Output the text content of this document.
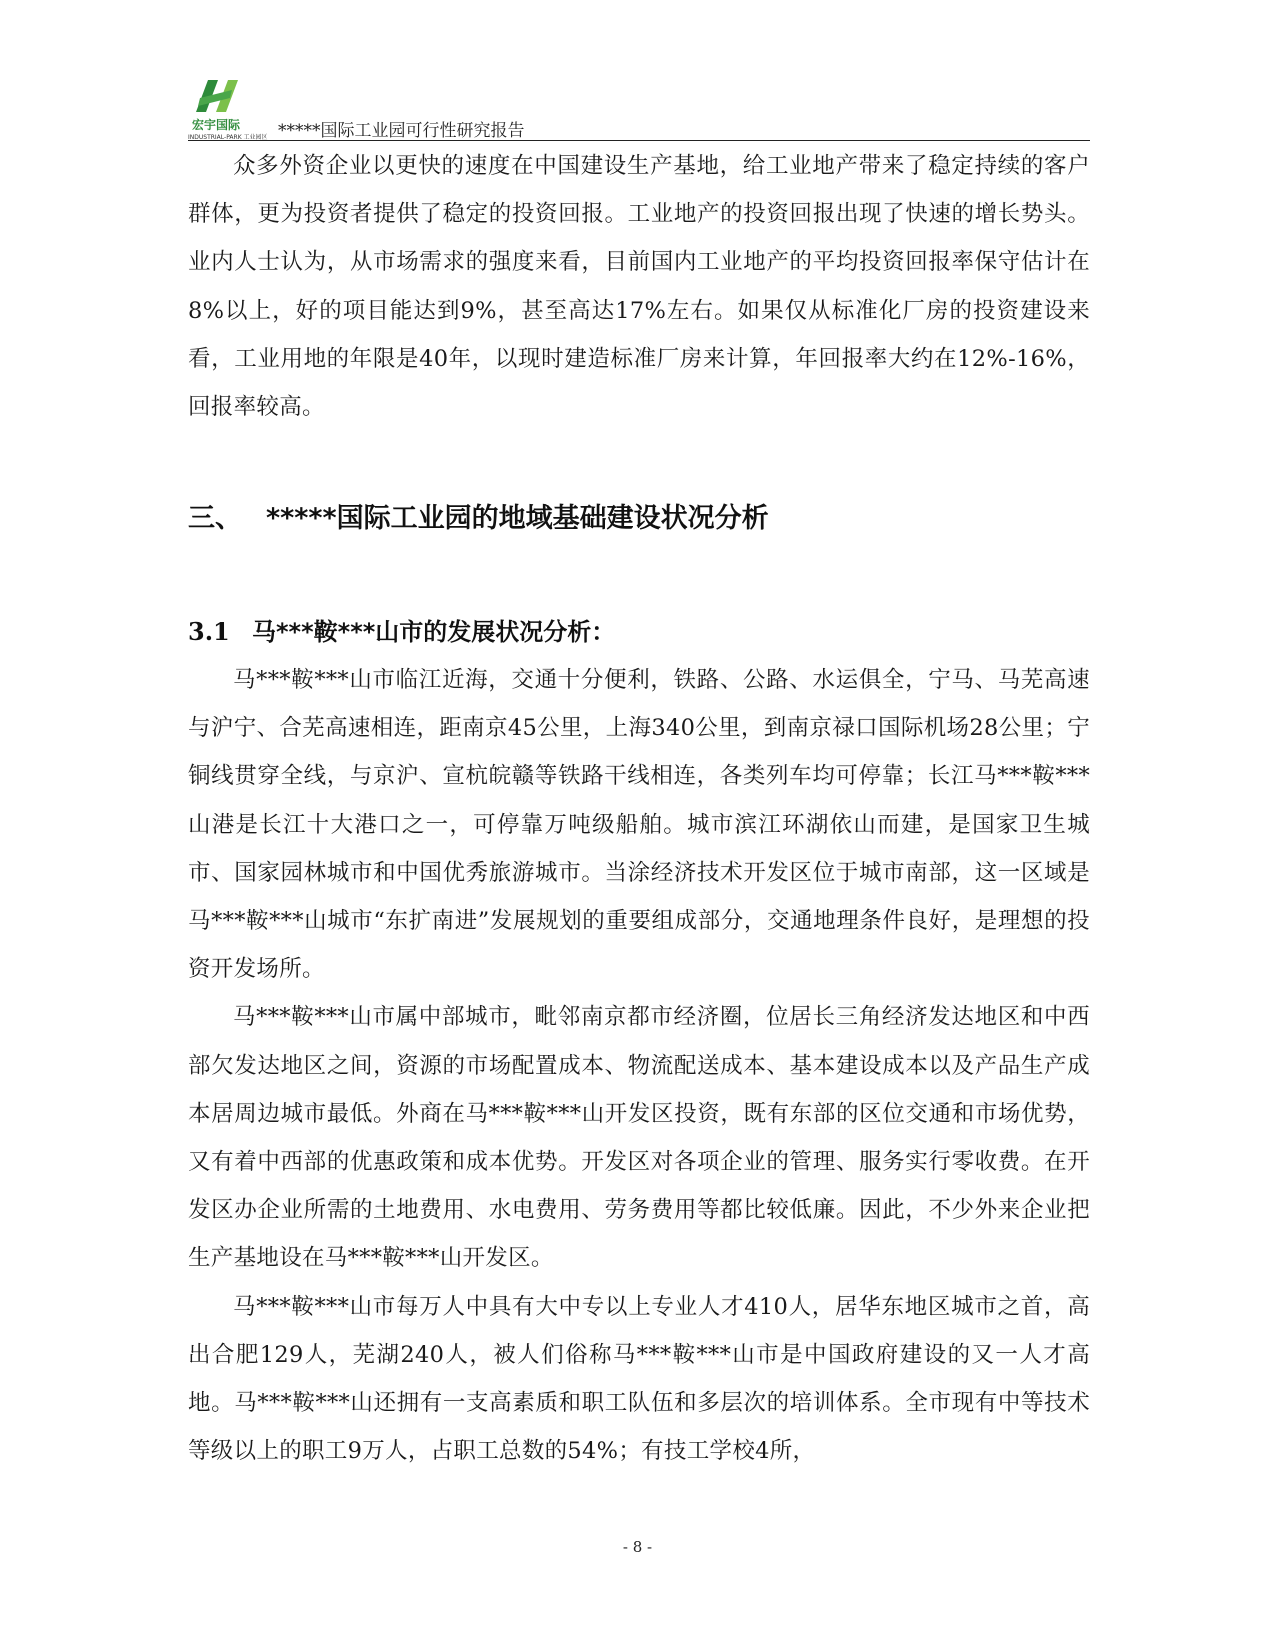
宏宇国际
INDUSTRIAL-PARK 工业园区 *****国际工业园可行性研究报告

众多外资企业以更快的速度在中国建设生产基地，给工业地产带来了稳定持续的客户群体，更为投资者提供了稳定的投资回报。工业地产的投资回报出现了快速的增长势头。业内人士认为，从市场需求的强度来看，目前国内工业地产的平均投资回报率保守估计在8%以上，好的项目能达到9%，甚至高达17%左右。如果仅从标准化厂房的投资建设来看，工业用地的年限是40年，以现时建造标准厂房来计算，年回报率大约在12%-16%，回报率较高。

三、 *****国际工业园的地域基础建设状况分析
3.1 马***鞍***山市的发展状况分析：

马***鞍***山市临江近海，交通十分便利，铁路、公路、水运俱全，宁马、马芜高速与沪宁、合芜高速相连，距南京45公里，上海340公里，到南京禄口国际机场28公里；宁铜线贯穿全线，与京沪、宣杭皖赣等铁路干线相连，各类列车均可停靠；长江马***鞍***山港是长江十大港口之一，可停靠万吨级船舶。城市滨江环湖依山而建，是国家卫生城市、国家园林城市和中国优秀旅游城市。当涂经济技术开发区位于城市南部，这一区域是马***鞍***山城市“东扩南进”发展规划的重要组成部分，交通地理条件良好，是理想的投资开发场所。

马***鞍***山市属中部城市，毗邻南京都市经济圈，位居长三角经济发达地区和中西部欠发达地区之间，资源的市场配置成本、物流配送成本、基本建设成本以及产品生产成本居周边城市最低。外商在马***鞍***山开发区投资，既有东部的区位交通和市场优势，又有着中西部的优惠政策和成本优势。开发区对各项企业的管理、服务实行零收费。在开发区办企业所需的土地费用、水电费用、劳务费用等都比较低廉。因此，不少外来企业把生产基地设在马***鞍***山开发区。

马***鞍***山市每万人中具有大中专以上专业人才410人，居华东地区城市之首，高出合肥129人，芜湖240人，被人们俗称马***鞍***山市是中国政府建设的又一人才高地。马***鞍***山还拥有一支高素质和职工队伍和多层次的培训体系。全市现有中等技术等级以上的职工9万人，占职工总数的54%；有技工学校4所，

- 8 -
